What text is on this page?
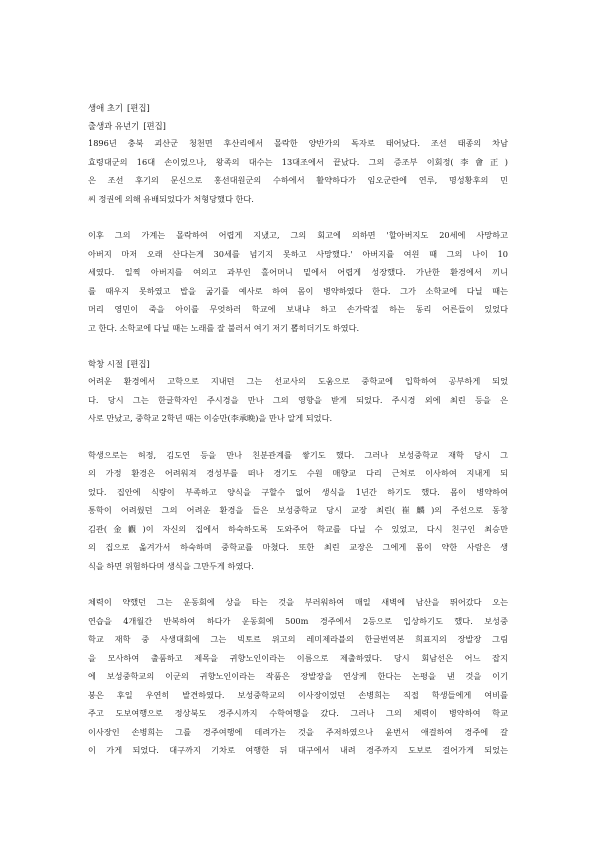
생애 초기 [편집]
출생과 유년기 [편집]

1896년 충북 괴산군 청천면 후산리에서 몰락한 양반가의 독자로 태어났다. 조선 태종의 차남

효령대군의 16대 손이었으나, 왕족의 대수는 13대조에서 끝났다. 그의 증조부 이회정(李會正)

은 조선 후기의 문신으로 홍선대원군의 수하에서 활약하다가 임오군란에 연루, 명성황후의 민

씨 정권에 의해 유배되었다가 처형당했다 한다.

이후 그의 가계는 몰락하여 어렵게 지냈고, 그의 회고에 의하면 '할아버지도 20세에 사망하고

아버지 마저 오래 산다는게 30세를 넘기지 못하고 사망했다.' 아버지를 여읜 때 그의 나이 10

세였다. 일찍 아버지를 여의고 과부인 홀어머니 밑에서 어렵게 성장했다. 가난한 환경에서 끼니

를 때우지 못하였고 밥을 굶기를 예사로 하여 몸이 병약하였다 한다. 그가 소학교에 다닐 때는

머리 영민이 죽을 아이를 무엇하러 학교에 보내냐 하고 손가락질 하는 동리 어른들이 있었다

고 한다. 소학교에 다닐 때는 노래를 잘 불러서 여기 저기 뽑히더기도 하였다.

학창 시절 [편집]

어려운 환경에서 고학으로 지내던 그는 선교사의 도움으로 중학교에 입학하여 공부하게 되었

다. 당시 그는 한글학자인 주시경을 만나 그의 영향을 받게 되었다. 주시경 외에 최린 등을 은

사로 만났고, 중학교 2학년 때는 이승만(李承晩)을 만나 알게 되었다.

학생으로는 허정, 김도연 등을 만나 친분관계를 쌓기도 했다. 그러나 보성중학교 재학 당시 그

의 가정 환경은 어려워져 경성부를 떠나 경기도 수원 매향교 다리 근처로 이사하여 지내게 되

었다. 집안에 식량이 부족하고 양식을 구할수 없어 생식을 1년간 하기도 했다. 몸이 병약하여

통학이 어려웠던 그의 어려운 환경을 들은 보성중학교 당시 교장 최린(崔麟)의 주선으로 동창

김관(金觀)이 자신의 집에서 하숙하도록 도와주어 학교를 다닐 수 있었고, 다시 친구인 최승만

의 집으로 옮겨가서 하숙하며 중학교를 마쳤다. 또한 최린 교장은 그에게 몸이 약한 사람은 생

식을 하면 위험하다며 생식을 그만두게 하였다.

체력이 약했던 그는 운동회에 상을 타는 것을 부러워하여 매일 새벽에 남산을 뛰어갔다 오는

연습을 4개월간 반복하여 하다가 운동회에 500m 경주에서 2등으로 입상하기도 했다. 보성중

학교 재학 중 사생대회에 그는 빅토르 위고의 레미제라블의 한글번역본 희표지의 장발장 그림

을 모사하여 출품하고 제목을 귀향노인이라는 이름으로 제출하였다. 당시 회남선은 어느 잡지

에 보성중학교의 이군의 귀향노인이라는 작품은 장발장을 연상케 한다는 논평을 낸 것을 이기

붕은 후일 우연히 발견하였다. 보성중학교의 이사장이었던 손병희는 직접 학생들에게 여비를

주고 도보여행으로 정상북도 경주시까지 수학여행을 갔다. 그러나 그의 체력이 병약하여 학교

이사장인 손병희는 그를 경주여행에 데려가는 것을 주저하였으나 윤번서 애걸하여 경주에 갈

이 가게 되었다. 대구까지 기차로 여행한 뒤 대구에서 내려 경주까지 도보로 걸어가게 되었는
